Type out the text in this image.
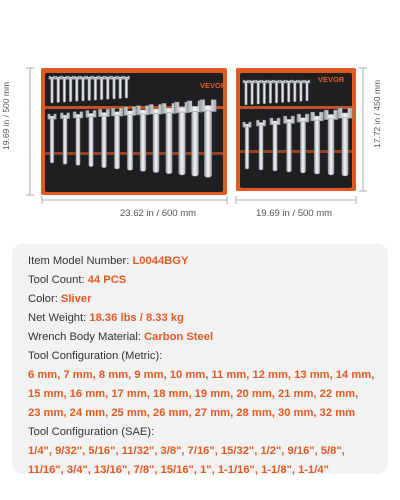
VEVOR
VEVOR
19.69 in / 500 mm	17.72 in / 450 mm
23.62 in / 600 mm	19.69 in / 500 mm
Item Model Number: L0044BGY
Tool Count: 44 PCS
Color: Sliver
Net Weight: 18.36 lbs / 8.33 kg
Wrench Body Material: Carbon Steel
Tool Configuration (Metric):
6 mm, 7 mm, 8 mm, 9 mm, 10 mm, 11 mm, 12 mm, 13 mm, 14 mm,
15 mm, 16 mm, 17 mm, 18 mm, 19 mm, 20 mm, 21 mm, 22 mm,
23 mm, 24 mm, 25 mm, 26 mm, 27 mm, 28 mm, 30 mm, 32 mm
Tool Configuration (SAE):
1/4", 9/32", 5/16", 11/32", 3/8", 7/16", 15/32", 1/2", 9/16", 5/8",
11/16", 3/4", 13/16", 7/8", 15/16", 1", 1-1/16", 1-1/8", 1-1/4"
